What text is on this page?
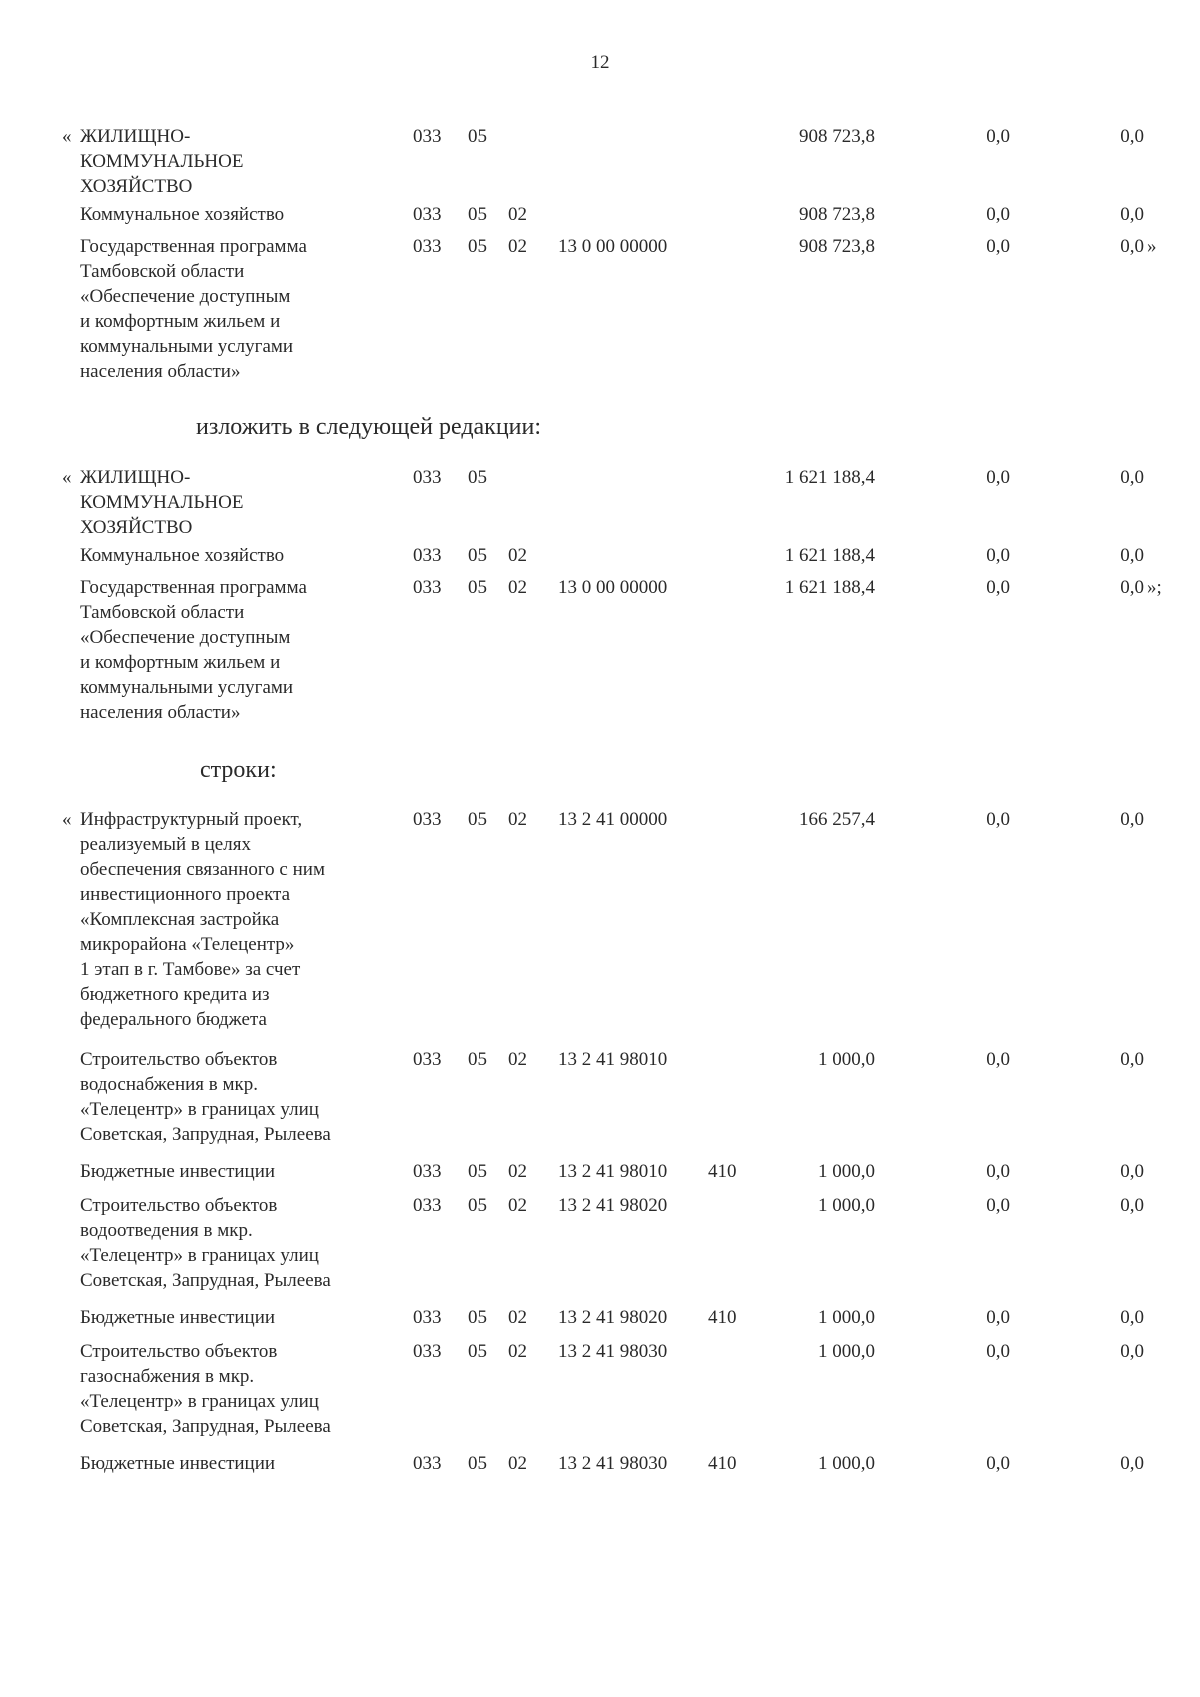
12
« ЖИЛИЩНО-
КОММУНАЛЬНОЕ
ХОЗЯЙСТВО
033 05	908 723,8	0,0	0,0
Коммунальное хозяйство	033 05 02	908 723,8	0,0	0,0
Государственная программа
Тамбовской области
«Обеспечение доступным
и комфортным жильем и
коммунальными услугами
населения области»
033 05 02 13 0 00 00000	908 723,8	0,0	0,0 »
изложить в следующей редакции:
« ЖИЛИЩНО-
КОММУНАЛЬНОЕ
ХОЗЯЙСТВО
033 05	1 621 188,4	0,0	0,0
Коммунальное хозяйство	033 05 02	1 621 188,4	0,0	0,0
Государственная программа
Тамбовской области
«Обеспечение доступным
и комфортным жильем и
коммунальными услугами
населения области»
033 05 02 13 0 00 00000	1 621 188,4	0,0	0,0 »;
строки:
« Инфраструктурный проект,
реализуемый в целях
обеспечения связанного с ним
инвестиционного проекта
«Комплексная застройка
микрорайона «Телецентр»
1 этап в г. Тамбове» за счет
бюджетного кредита из
федерального бюджета
033 05 02 13 2 41 00000	166 257,4	0,0	0,0
Строительство объектов
водоснабжения в мкр.
«Телецентр» в границах улиц
Советская, Запрудная, Рылеева
033 05 02 13 2 41 98010	1 000,0	0,0	0,0
Бюджетные инвестиции	033 05 02 13 2 41 98010 410	1 000,0	0,0	0,0
Строительство объектов
водоотведения в мкр.
«Телецентр» в границах улиц
Советская, Запрудная, Рылеева
033 05 02 13 2 41 98020	1 000,0	0,0	0,0
Бюджетные инвестиции	033 05 02 13 2 41 98020 410	1 000,0	0,0	0,0
Строительство объектов
газоснабжения в мкр.
«Телецентр» в границах улиц
Советская, Запрудная, Рылеева
033 05 02 13 2 41 98030	1 000,0	0,0	0,0
Бюджетные инвестиции	033 05 02 13 2 41 98030 410	1 000,0	0,0	0,0
